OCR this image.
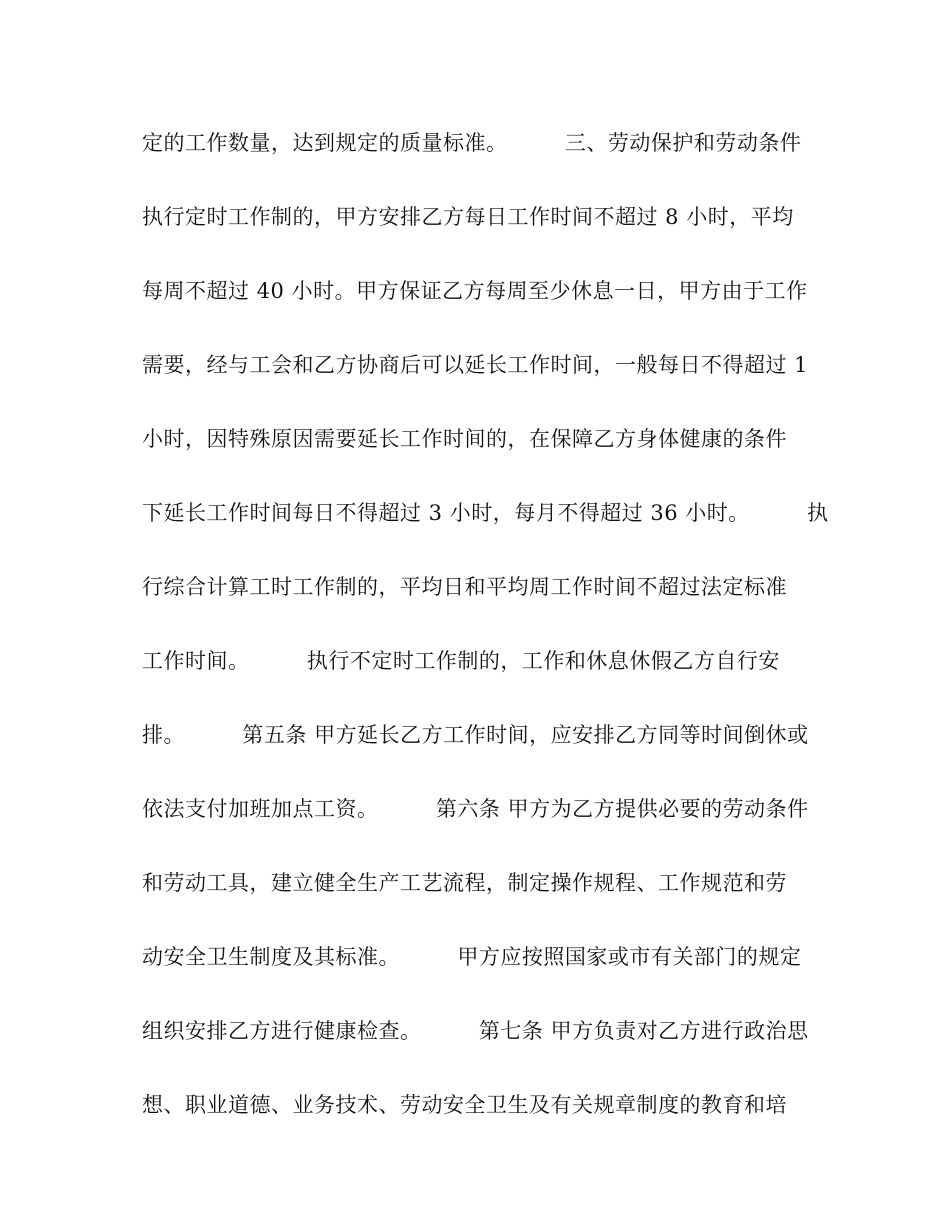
定的工作数量，达到规定的质量标准。        三、劳动保护和劳动条件
执行定时工作制的，甲方安排乙方每日工作时间不超过 8 小时，平均
每周不超过 40 小时。甲方保证乙方每周至少休息一日，甲方由于工作
需要，经与工会和乙方协商后可以延长工作时间，一般每日不得超过 1
小时，因特殊原因需要延长工作时间的，在保障乙方身体健康的条件
下延长工作时间每日不得超过 3 小时，每月不得超过 36 小时。        执
行综合计算工时工作制的，平均日和平均周工作时间不超过法定标准
工作时间。        执行不定时工作制的，工作和休息休假乙方自行安
排。        第五条 甲方延长乙方工作时间，应安排乙方同等时间倒休或
依法支付加班加点工资。        第六条 甲方为乙方提供必要的劳动条件
和劳动工具，建立健全生产工艺流程，制定操作规程、工作规范和劳
动安全卫生制度及其标准。        甲方应按照国家或市有关部门的规定
组织安排乙方进行健康检查。        第七条 甲方负责对乙方进行政治思
想、职业道德、业务技术、劳动安全卫生及有关规章制度的教育和培
